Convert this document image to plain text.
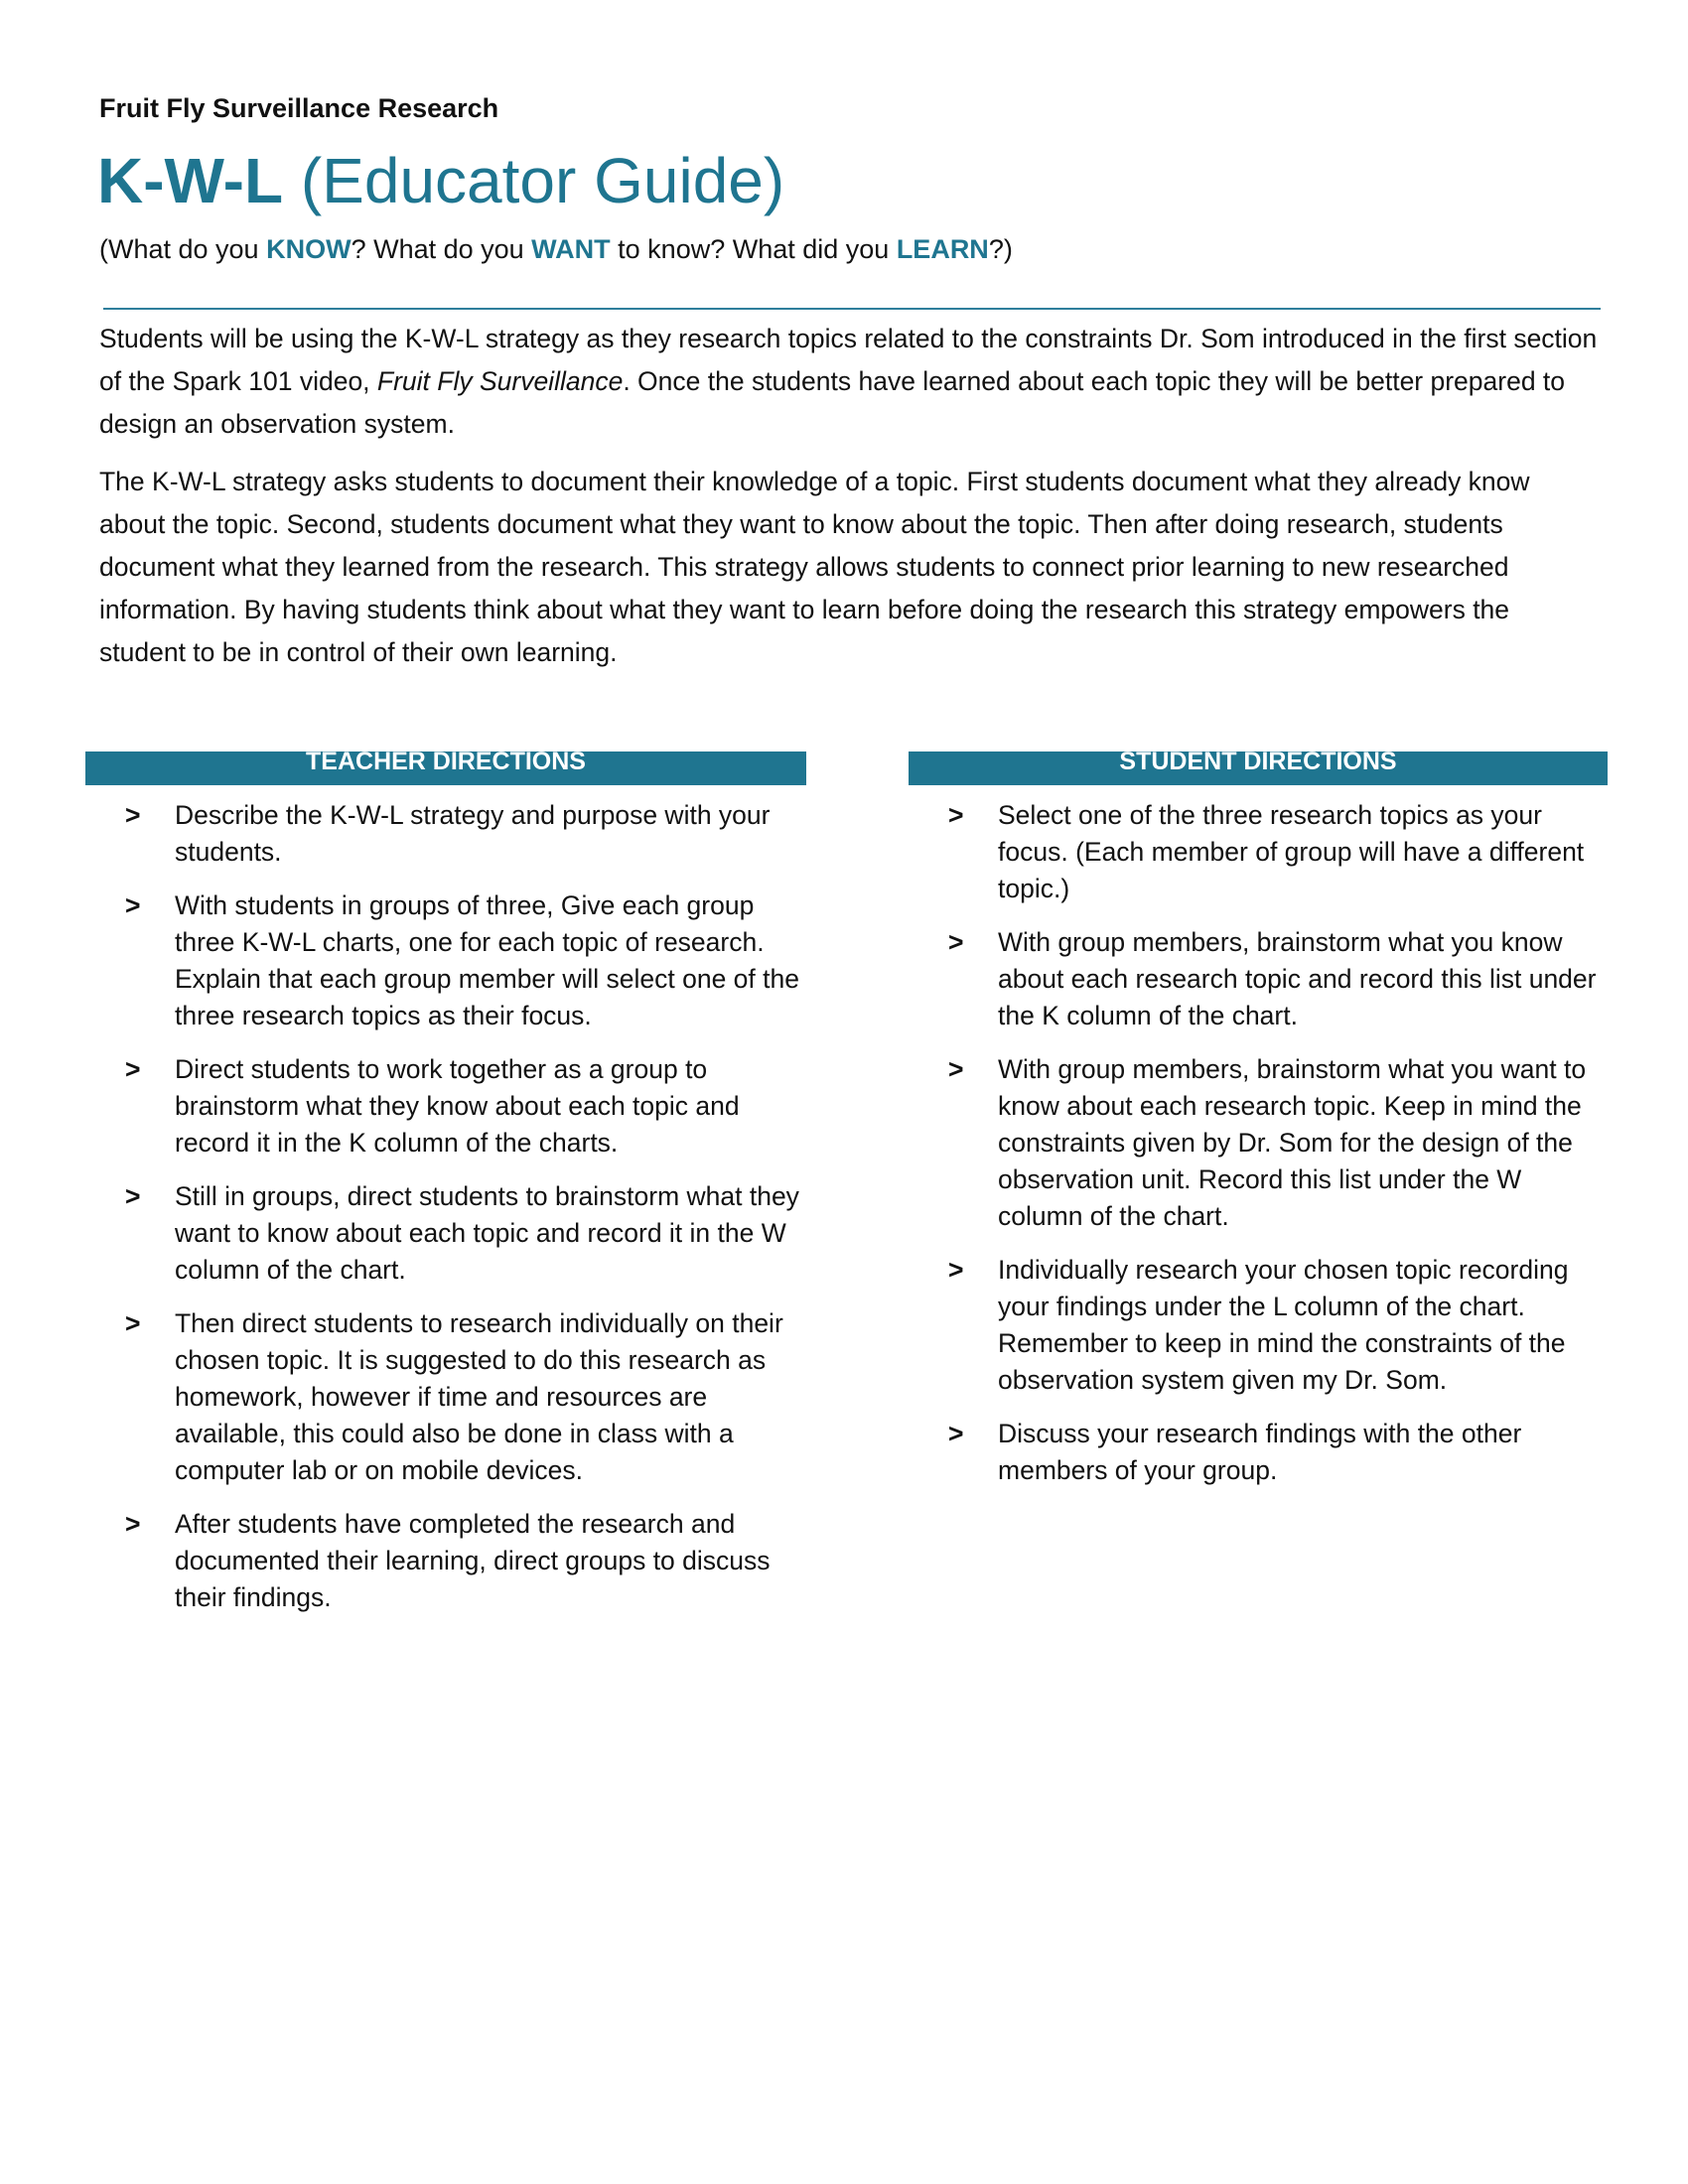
Fruit Fly Surveillance Research
K-W-L (Educator Guide)
(What do you KNOW? What do you WANT to know? What did you LEARN?)

Students will be using the K-W-L strategy as they research topics related to the constraints Dr. Som introduced in the first section of the Spark 101 video, Fruit Fly Surveillance. Once the students have learned about each topic they will be better prepared to design an observation system.

The K-W-L strategy asks students to document their knowledge of a topic. First students document what they already know about the topic. Second, students document what they want to know about the topic. Then after doing research, students document what they learned from the research. This strategy allows students to connect prior learning to new researched information. By having students think about what they want to learn before doing the research this strategy empowers the student to be in control of their own learning.

TEACHER DIRECTIONS
> Describe the K-W-L strategy and purpose with your students.
> With students in groups of three, Give each group three K-W-L charts, one for each topic of research. Explain that each group member will select one of the three research topics as their focus.
> Direct students to work together as a group to brainstorm what they know about each topic and record it in the K column of the charts.
> Still in groups, direct students to brainstorm what they want to know about each topic and record it in the W column of the chart.
> Then direct students to research individually on their chosen topic. It is suggested to do this research as homework, however if time and resources are available, this could also be done in class with a computer lab or on mobile devices.
> After students have completed the research and documented their learning, direct groups to discuss their findings.
STUDENT DIRECTIONS
> Select one of the three research topics as your focus. (Each member of group will have a different topic.)
> With group members, brainstorm what you know about each research topic and record this list under the K column of the chart.
> With group members, brainstorm what you want to know about each research topic. Keep in mind the constraints given by Dr. Som for the design of the observation unit. Record this list under the W column of the chart.
> Individually research your chosen topic recording your findings under the L column of the chart. Remember to keep in mind the constraints of the observation system given my Dr. Som.
> Discuss your research findings with the other members of your group.
